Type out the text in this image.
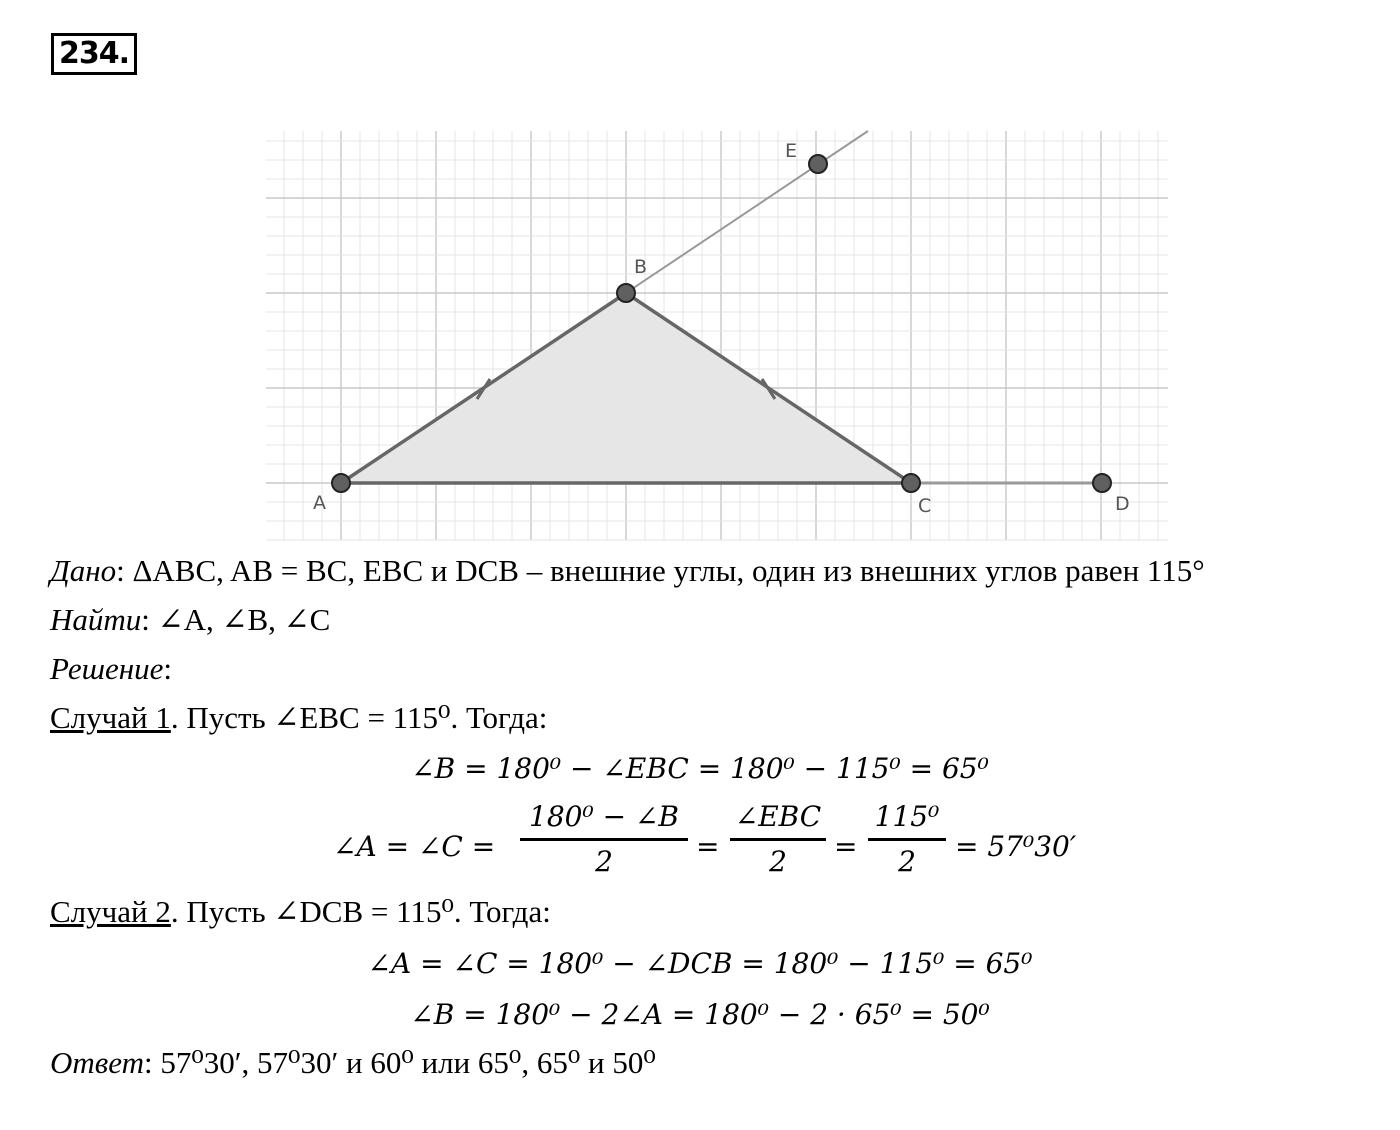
234.
A
B
C	D
E
Дано: ΔABC, AB = BC, EBC и DCB – внешние углы, один из внешних углов равен 115°
Найти: ∠A, ∠B, ∠C
Решение:
Случай 1. Пусть ∠EBC = 115⁰. Тогда:
∠B = 180⁰ − ∠EBC = 180⁰ − 115⁰ = 65⁰
∠A = ∠C =
180⁰ − ∠B
2	=
∠EBC
2 =
115⁰
2 = 57⁰30′
Случай 2. Пусть ∠DCB = 115⁰. Тогда:
∠A = ∠C = 180⁰ − ∠DCB = 180⁰ − 115⁰ = 65⁰
∠B = 180⁰ − 2∠A = 180⁰ − 2 · 65⁰ = 50⁰
Ответ: 57⁰30′, 57⁰30′ и 60⁰ или 65⁰, 65⁰ и 50⁰
